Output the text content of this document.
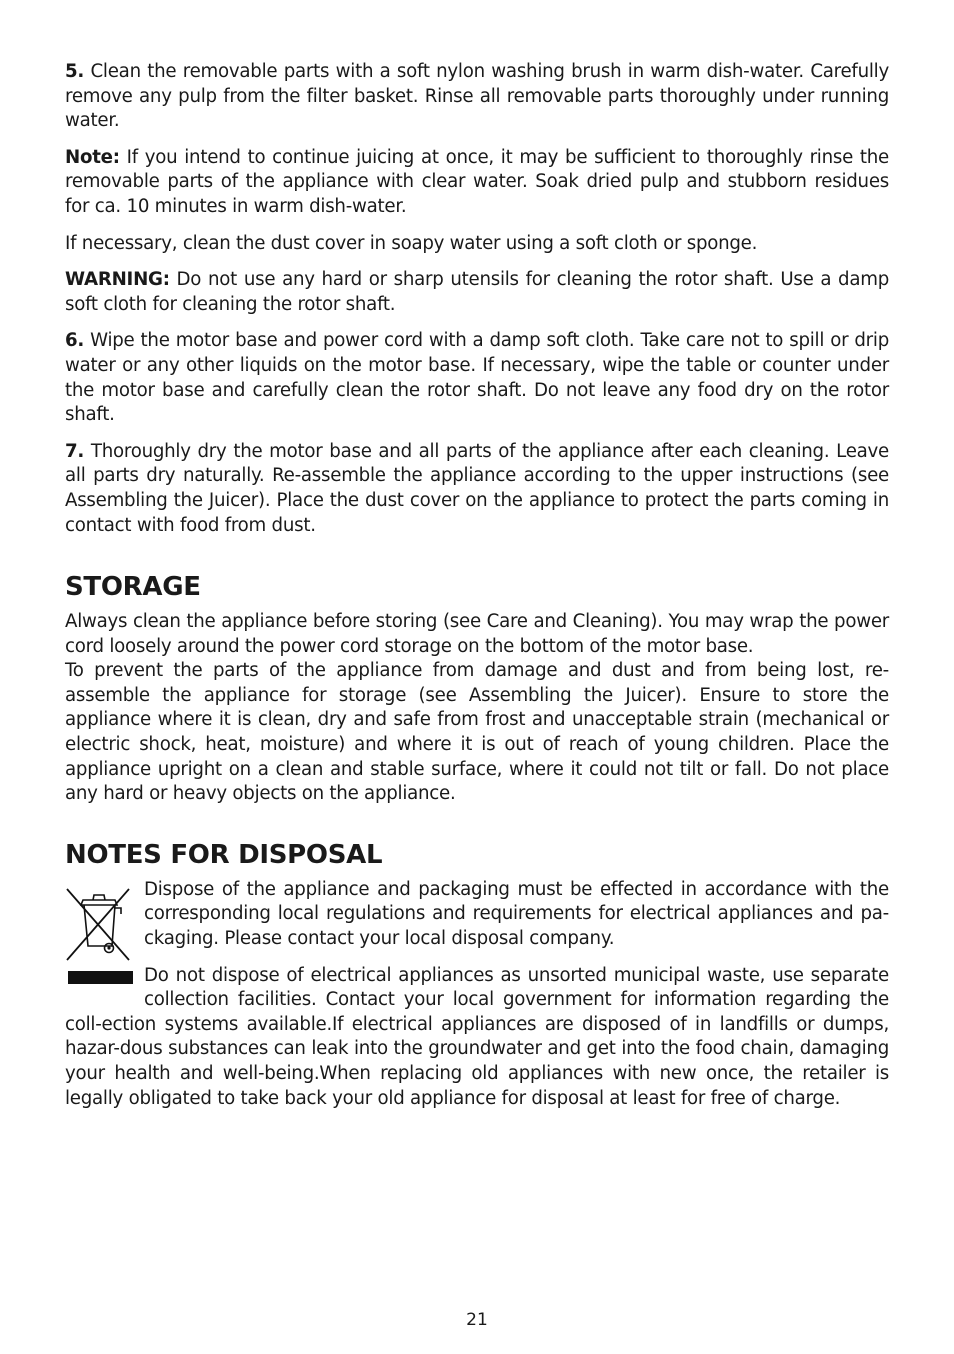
5. Clean the removable parts with a soft nylon washing brush in warm dish-water. Carefully remove any pulp from the filter basket. Rinse all removable parts thoroughly under running water.

Note: If you intend to continue juicing at once, it may be sufficient to thoroughly rinse the removable parts of the appliance with clear water. Soak dried pulp and stubborn residues for ca. 10 minutes in warm dish-water.

If necessary, clean the dust cover in soapy water using a soft cloth or sponge.

WARNING: Do not use any hard or sharp utensils for cleaning the rotor shaft. Use a damp soft cloth for cleaning the rotor shaft.

6. Wipe the motor base and power cord with a damp soft cloth. Take care not to spill or drip water or any other liquids on the motor base. If necessary, wipe the table or counter under the motor base and carefully clean the rotor shaft. Do not leave any food dry on the rotor shaft.

7. Thoroughly dry the motor base and all parts of the appliance after each cleaning. Leave all parts dry naturally. Re-assemble the appliance according to the upper instructions (see Assembling the Juicer). Place the dust cover on the appliance to protect the parts coming in contact with food from dust.

STORAGE

Always clean the appliance before storing (see Care and Cleaning). You may wrap the power cord loosely around the power cord storage on the bottom of the motor base.

To prevent the parts of the appliance from damage and dust and from being lost, re-assemble the appliance for storage (see Assembling the Juicer). Ensure to store the appliance where it is clean, dry and safe from frost and unacceptable strain (mechanical or electric shock, heat, moisture) and where it is out of reach of young children. Place the appliance upright on a clean and stable surface, where it could not tilt or fall. Do not place any hard or heavy objects on the appliance.

NOTES FOR DISPOSAL

Dispose of the appliance and packaging must be effected in accordance with the corresponding local regulations and requirements for electrical appliances and pa-ckaging. Please contact your local disposal company.

Do not dispose of electrical appliances as unsorted municipal waste, use separate collection facilities. Contact your local government for information regarding the coll-ection systems available.If electrical appliances are disposed of in landfills or dumps, hazar-dous substances can leak into the groundwater and get into the food chain, damaging your health and well-being.When replacing old appliances with new once, the retailer is legally obligated to take back your old appliance for disposal at least for free of charge.

21
